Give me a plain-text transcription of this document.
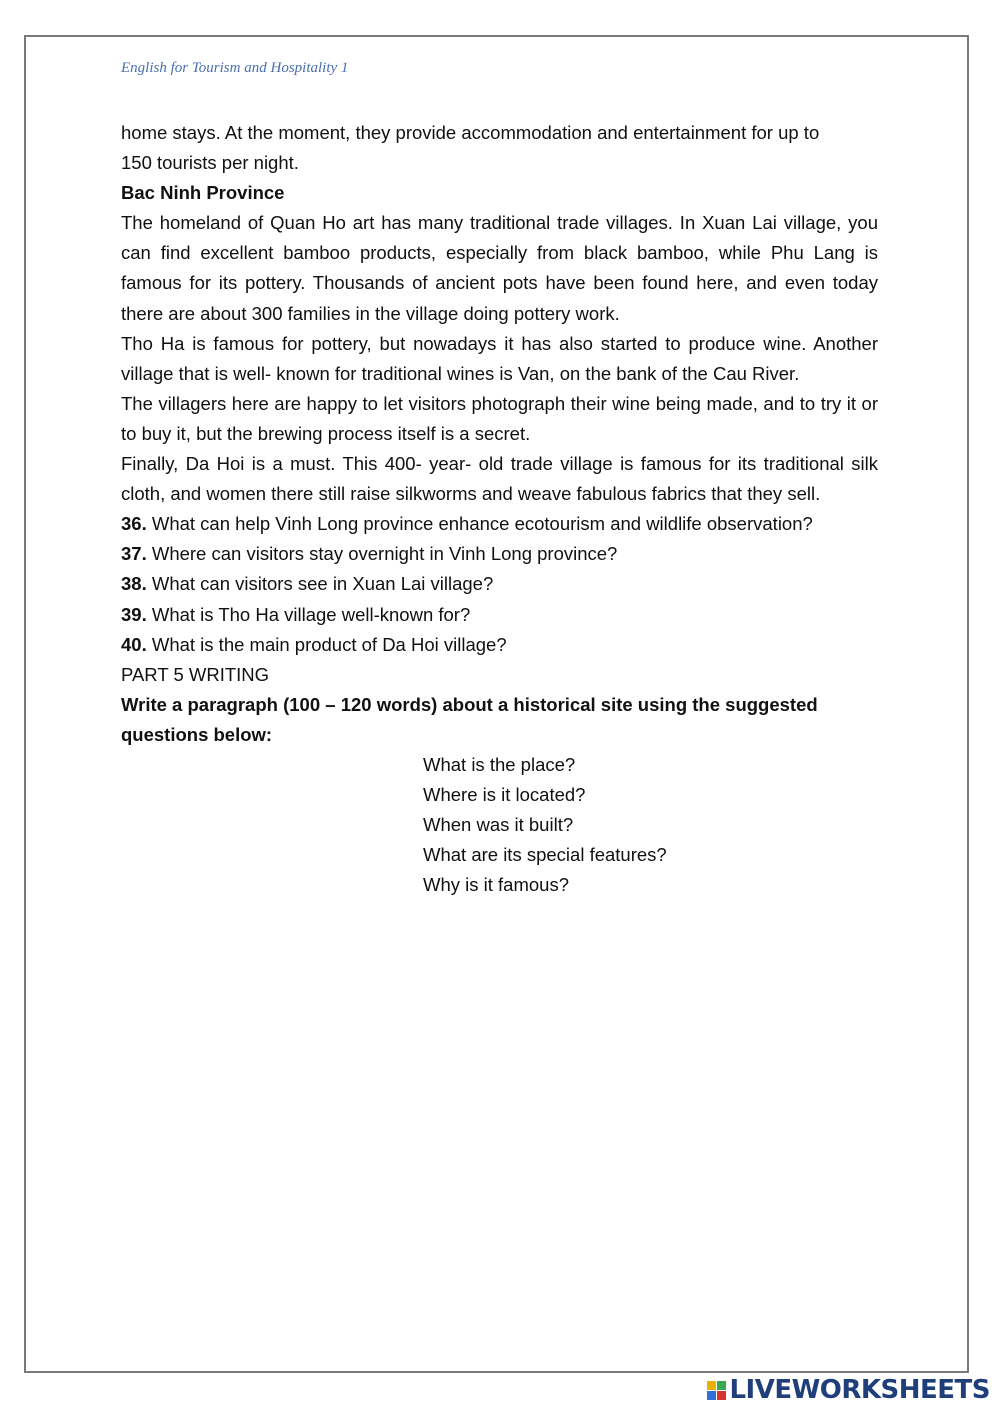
English for Tourism and Hospitality 1

home stays. At the moment, they provide accommodation and entertainment for up to

150 tourists per night.

Bac Ninh Province

The homeland of Quan Ho art has many traditional trade villages. In Xuan Lai village, you can find excellent bamboo products, especially from black bamboo, while Phu Lang is famous for its pottery. Thousands of ancient pots have been found here, and even today there are about 300 families in the village doing pottery work.

Tho Ha is famous for pottery, but nowadays it has also started to produce wine. Another village that is well- known for traditional wines is Van, on the bank of the Cau River.

The villagers here are happy to let visitors photograph their wine being made, and to try it or to buy it, but the brewing process itself is a secret.

Finally, Da Hoi is a must. This 400- year- old trade village is famous for its traditional silk cloth, and women there still raise silkworms and weave fabulous fabrics that they sell.

36. What can help Vinh Long province enhance ecotourism and wildlife observation?

37. Where can visitors stay overnight in Vinh Long province?

38. What can visitors see in Xuan Lai village?

39. What is Tho Ha village well-known for?

40. What is the main product of Da Hoi village?

PART 5 WRITING

Write a paragraph (100 – 120 words) about a historical site using the suggested questions below:

What is the place?

Where is it located?

When was it built?

What are its special features?

Why is it famous?

LIVEWORKSHEETS
